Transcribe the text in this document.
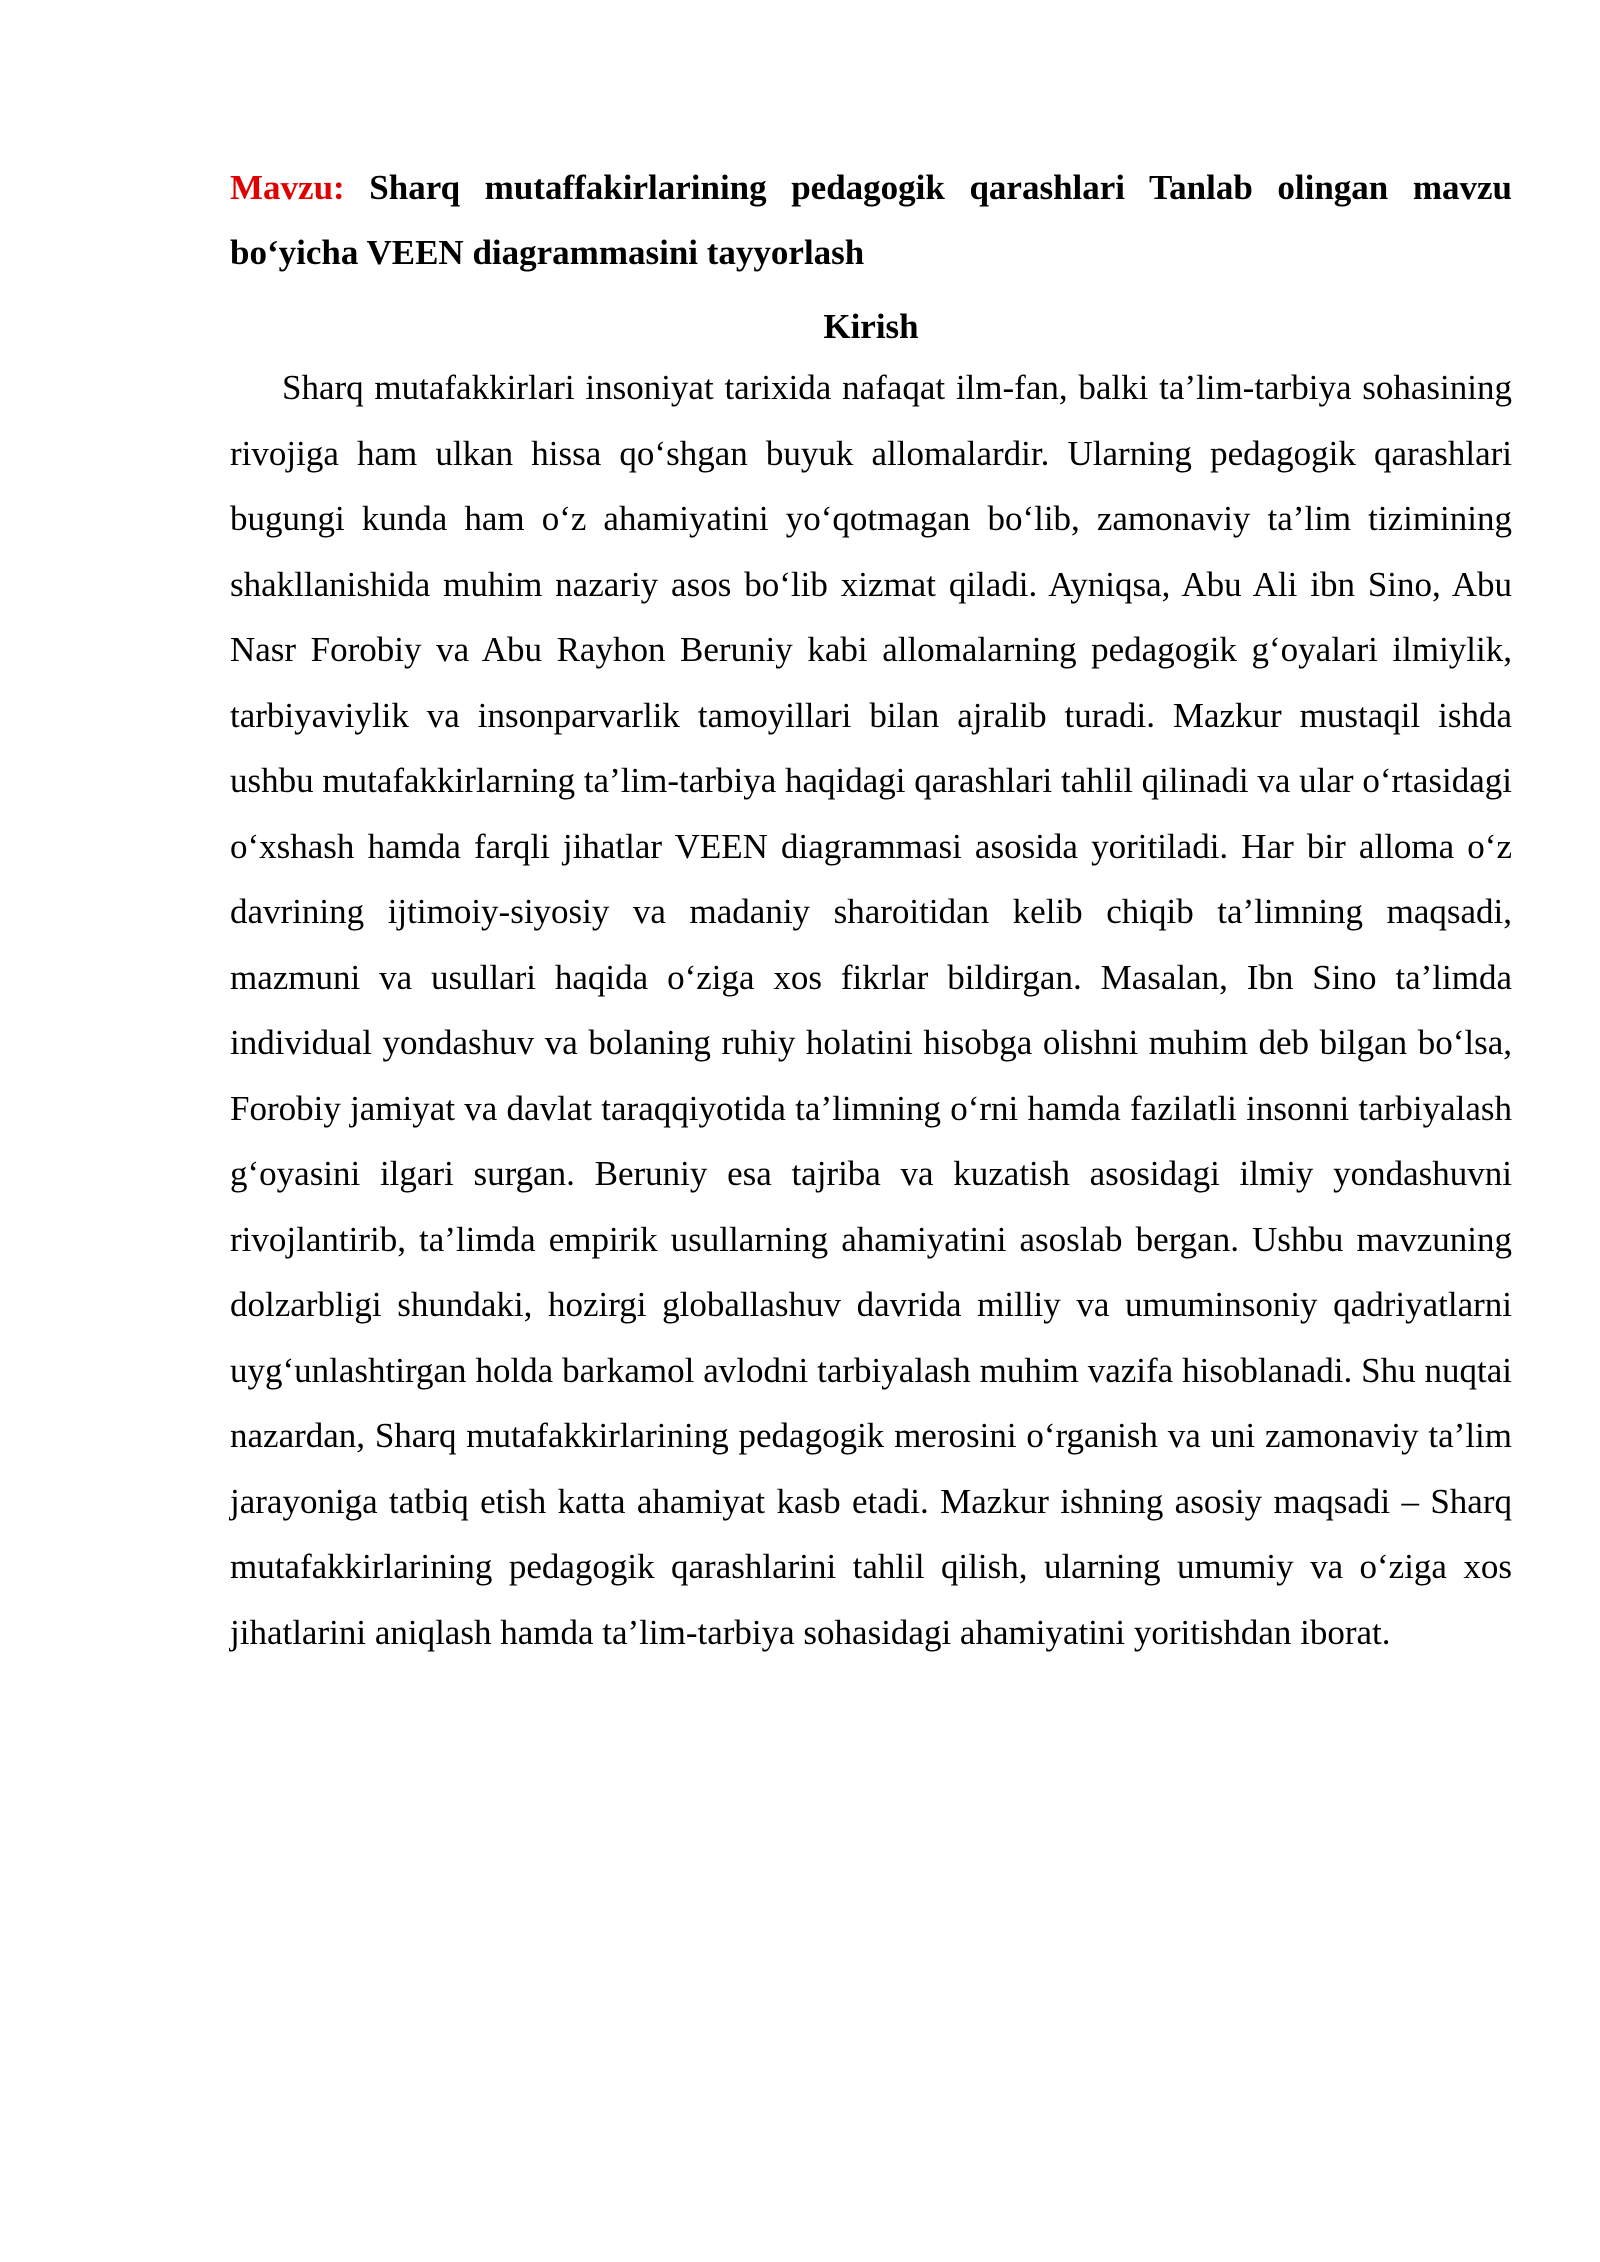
Mavzu: Sharq mutaffakirlarining pedagogik qarashlari Tanlab olingan mavzu bo‘yicha VEEN diagrammasini tayyorlash

Kirish

Sharq mutafakkirlari insoniyat tarixida nafaqat ilm-fan, balki ta’lim-tarbiya sohasining rivojiga ham ulkan hissa qo‘shgan buyuk allomalardir. Ularning pedagogik qarashlari bugungi kunda ham o‘z ahamiyatini yo‘qotmagan bo‘lib, zamonaviy ta’lim tizimining shakllanishida muhim nazariy asos bo‘lib xizmat qiladi. Ayniqsa, Abu Ali ibn Sino, Abu Nasr Forobiy va Abu Rayhon Beruniy kabi allomalarning pedagogik g‘oyalari ilmiylik, tarbiyaviylik va insonparvarlik tamoyillari bilan ajralib turadi. Mazkur mustaqil ishda ushbu mutafakkirlarning ta’lim-tarbiya haqidagi qarashlari tahlil qilinadi va ular o‘rtasidagi o‘xshash hamda farqli jihatlar VEEN diagrammasi asosida yoritiladi. Har bir alloma o‘z davrining ijtimoiy-siyosiy va madaniy sharoitidan kelib chiqib ta’limning maqsadi, mazmuni va usullari haqida o‘ziga xos fikrlar bildirgan. Masalan, Ibn Sino ta’limda individual yondashuv va bolaning ruhiy holatini hisobga olishni muhim deb bilgan bo‘lsa, Forobiy jamiyat va davlat taraqqiyotida ta’limning o‘rni hamda fazilatli insonni tarbiyalash g‘oyasini ilgari surgan. Beruniy esa tajriba va kuzatish asosidagi ilmiy yondashuvni rivojlantirib, ta’limda empirik usullarning ahamiyatini asoslab bergan. Ushbu mavzuning dolzarbligi shundaki, hozirgi globallashuv davrida milliy va umuminsoniy qadriyatlarni uyg‘unlashtirgan holda barkamol avlodni tarbiyalash muhim vazifa hisoblanadi. Shu nuqtai nazardan, Sharq mutafakkirlarining pedagogik merosini o‘rganish va uni zamonaviy ta’lim jarayoniga tatbiq etish katta ahamiyat kasb etadi. Mazkur ishning asosiy maqsadi – Sharq mutafakkirlarining pedagogik qarashlarini tahlil qilish, ularning umumiy va o‘ziga xos jihatlarini aniqlash hamda ta’lim-tarbiya sohasidagi ahamiyatini yoritishdan iborat.
